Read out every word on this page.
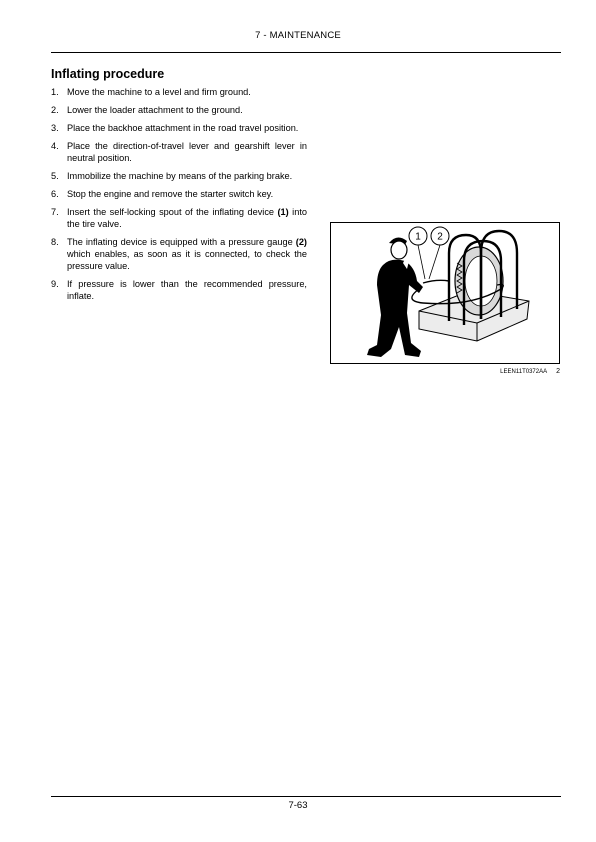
7 - MAINTENANCE
Inflating procedure
1. Move the machine to a level and firm ground.
2. Lower the loader attachment to the ground.
3. Place the backhoe attachment in the road travel position.
4. Place the direction-of-travel lever and gearshift lever in neutral position.
5. Immobilize the machine by means of the parking brake.
6. Stop the engine and remove the starter switch key.
7. Insert the self-locking spout of the inflating device (1) into the tire valve.
8. The inflating device is equipped with a pressure gauge (2) which enables, as soon as it is connected, to check the pressure value.
9. If pressure is lower than the recommended pressure, inflate.
1 2
LEEN11T0372AA 2
7-63
